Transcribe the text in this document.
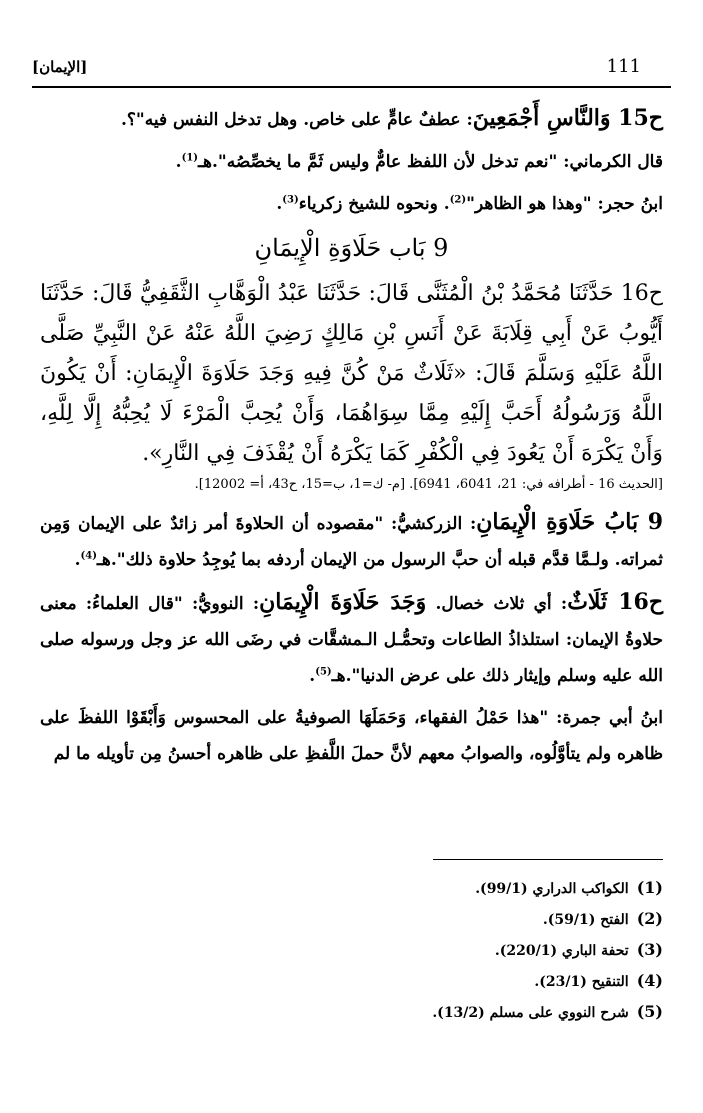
111
[الإيمان]

ح15 وَالنَّاسِ أَجْمَعِينَ: عطفٌ عامٍّ على خاص. وهل تدخل النفس فيه"؟.

قال الكرماني: "نعم تدخل لأن اللفظ عامٌّ وليس ثَمَّ ما يخصِّصُه".هـ$^{(1)}$.

ابنُ حجر: "وهذا هو الظاهر"$^{(2)}$. ونحوه للشيخ زكرياء$^{(3)}$.

9 بَاب حَلَاوَةِ الْإِيمَانِ

ح16 حَدَّثَنَا مُحَمَّدُ بْنُ الْمُثَنَّى قَالَ: حَدَّثَنَا عَبْدُ الْوَهَّابِ الثَّقَفِيُّ قَالَ: حَدَّثَنَا أَيُّوبُ عَنْ أَبِي قِلَابَةَ عَنْ أَنَسِ بْنِ مَالِكٍ رَضِيَ اللَّهُ عَنْهُ عَنْ النَّبِيِّ صَلَّى اللَّهُ عَلَيْهِ وَسَلَّمَ قَالَ: «ثَلَاثٌ مَنْ كُنَّ فِيهِ وَجَدَ حَلَاوَةَ الْإِيمَانِ: أَنْ يَكُونَ اللَّهُ وَرَسُولُهُ أَحَبَّ إِلَيْهِ مِمَّا سِوَاهُمَا، وَأَنْ يُحِبَّ الْمَرْءَ لَا يُحِبُّهُ إِلَّا لِلَّهِ، وَأَنْ يَكْرَهَ أَنْ يَعُودَ فِي الْكُفْرِ كَمَا يَكْرَهُ أَنْ يُقْذَفَ فِي النَّارِ».

[الحديث 16 - أطرافه في: 21، 6041، 6941]. [م- ك=1، ب=15، ح43، أ= 12002].

9 بَابُ حَلَاوَةِ الْإِيمَانِ: الزركشيُّ: "مقصوده أن الحلاوةَ أمر زائدٌ على الإيمان وَمِن ثمراته. ولـمَّا قدَّم قبله أن حبَّ الرسول من الإيمان أردفه بما يُوجِدُ حلاوة ذلك".هـ$^{(4)}$.

ح16 ثَلَاثٌ: أي ثلاث خصال. وَجَدَ حَلَاوَةَ الْإِيمَانِ: النوويُّ: "قال العلماءُ: معنى حلاوةُ الإيمان: استلذاذُ الطاعات وتحمُّـل الـمشقَّات في رضَى الله عز وجل ورسوله صلى الله عليه وسلم وإيثار ذلك على عرض الدنيا".هـ$^{(5)}$.

ابنُ أبي جمرة: "هذا حَمْلُ الفقهاء، وَحَمَلَهَا الصوفيةُ على المحسوس وَأَبْقَوْا اللفظَ على ظاهره ولم يتأوَّلُوه، والصوابُ معهم لأنَّ حملَ اللَّفظِ على ظاهره أحسنُ مِن تأويله ما لم

(1)الكواكب الدراري (99/1).
(2)الفتح (59/1).
(3)تحفة الباري (220/1).
(4)التنقيح (23/1).
(5)شرح النووي على مسلم (13/2).
